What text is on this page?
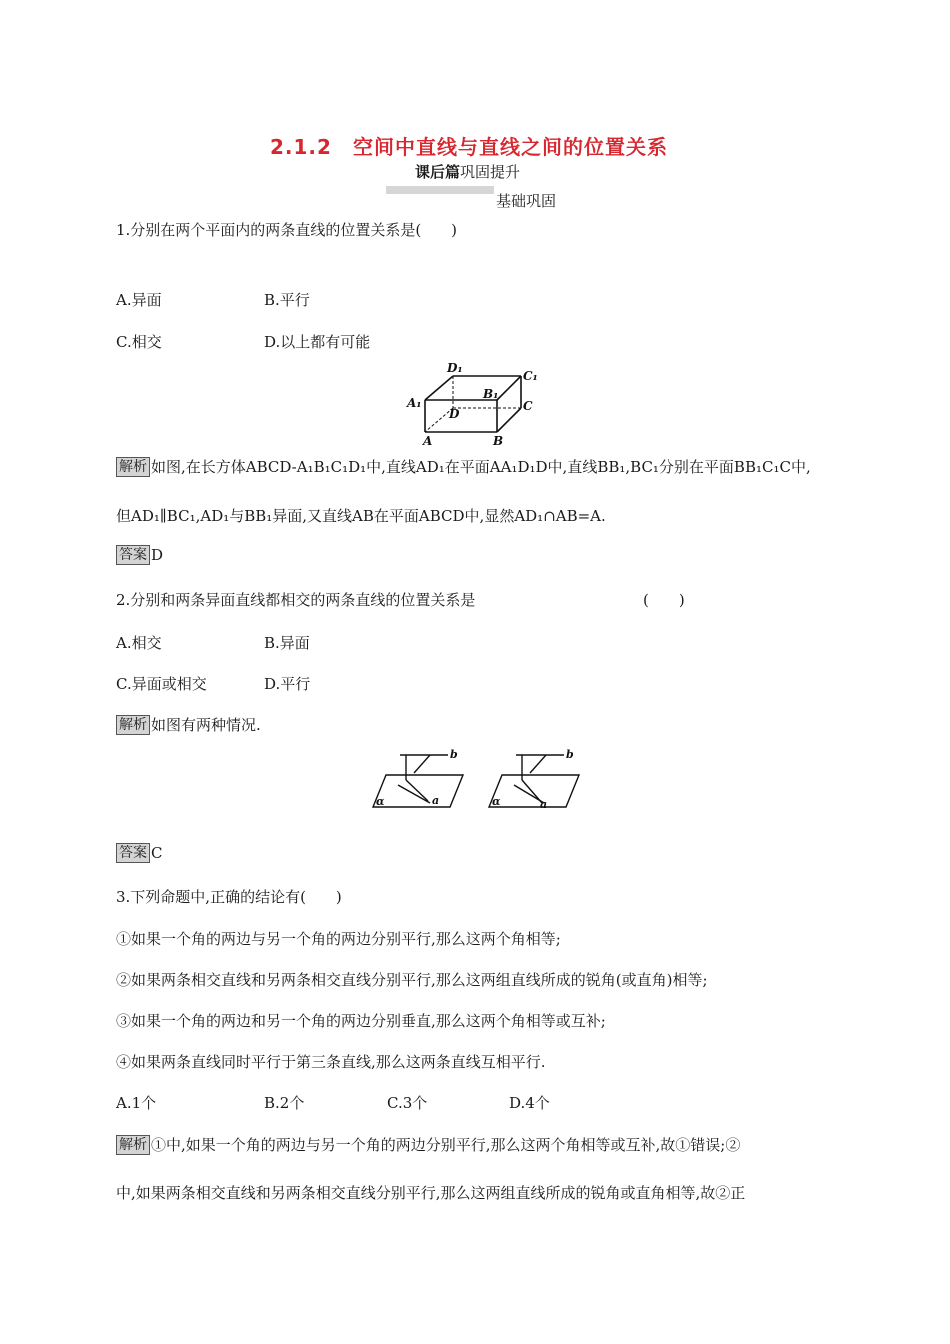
2.1.2　空间中直线与直线之间的位置关系
课后篇巩固提升
基础巩固
1.分别在两个平面内的两条直线的位置关系是(　　)
A.异面	B.平行
C.相交	D.以上都有可能
D₁
C₁
A₁
B₁
D
C
A	B
解析 如图,在长方体ABCD-A₁B₁C₁D₁中,直线AD₁在平面AA₁D₁D中,直线BB₁,BC₁分别在平面BB₁C₁C中,
但AD₁∥BC₁,AD₁与BB₁异面,又直线AB在平面ABCD中,显然AD₁∩AB=A.
答案 D
2.分别和两条异面直线都相交的两条直线的位置关系是	(　　)
A.相交	B.异面
C.异面或相交	D.平行
解析 如图有两种情况.
b
α	a
b
α	a
答案 C
3.下列命题中,正确的结论有(　　)
①如果一个角的两边与另一个角的两边分别平行,那么这两个角相等;
②如果两条相交直线和另两条相交直线分别平行,那么这两组直线所成的锐角(或直角)相等;
③如果一个角的两边和另一个角的两边分别垂直,那么这两个角相等或互补;
④如果两条直线同时平行于第三条直线,那么这两条直线互相平行.
A.1个	B.2个	C.3个	D.4个
解析 ①中,如果一个角的两边与另一个角的两边分别平行,那么这两个角相等或互补,故①错误;②
中,如果两条相交直线和另两条相交直线分别平行,那么这两组直线所成的锐角或直角相等,故②正
